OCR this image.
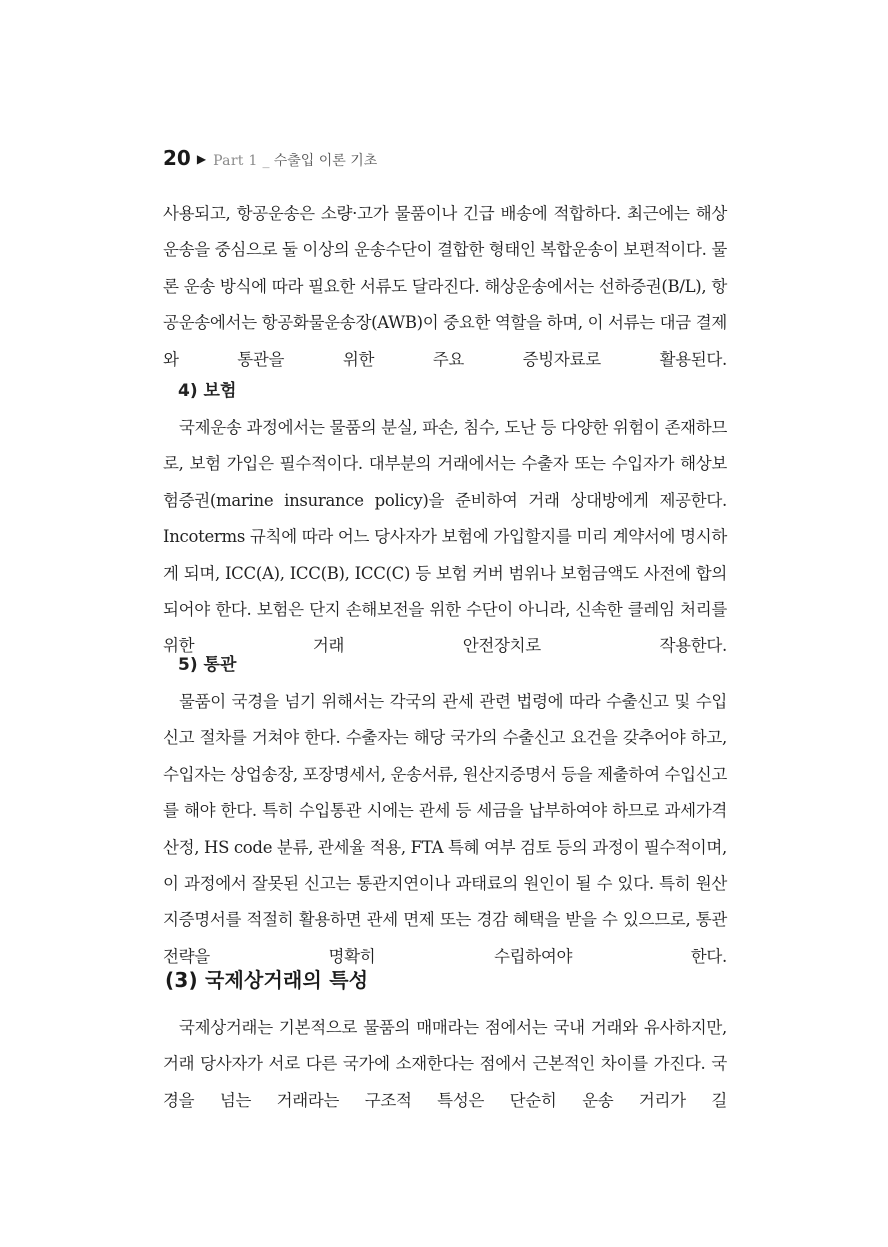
20 ▶ Part 1 _ 수출입 이론 기초

사용되고, 항공운송은 소량·고가 물품이나 긴급 배송에 적합하다. 최근에는 해상운송을 중심으로 둘 이상의 운송수단이 결합한 형태인 복합운송이 보편적이다. 물론 운송 방식에 따라 필요한 서류도 달라진다. 해상운송에서는 선하증권(B/L), 항공운송에서는 항공화물운송장(AWB)이 중요한 역할을 하며, 이 서류는 대금 결제와 통관을 위한 주요 증빙자료로 활용된다.

4) 보험

국제운송 과정에서는 물품의 분실, 파손, 침수, 도난 등 다양한 위험이 존재하므로, 보험 가입은 필수적이다. 대부분의 거래에서는 수출자 또는 수입자가 해상보험증권(marine insurance policy)을 준비하여 거래 상대방에게 제공한다. Incoterms 규칙에 따라 어느 당사자가 보험에 가입할지를 미리 계약서에 명시하게 되며, ICC(A), ICC(B), ICC(C) 등 보험 커버 범위나 보험금액도 사전에 합의되어야 한다. 보험은 단지 손해보전을 위한 수단이 아니라, 신속한 클레임 처리를 위한 거래 안전장치로 작용한다.

5) 통관

물품이 국경을 넘기 위해서는 각국의 관세 관련 법령에 따라 수출신고 및 수입신고 절차를 거쳐야 한다. 수출자는 해당 국가의 수출신고 요건을 갖추어야 하고, 수입자는 상업송장, 포장명세서, 운송서류, 원산지증명서 등을 제출하여 수입신고를 해야 한다. 특히 수입통관 시에는 관세 등 세금을 납부하여야 하므로 과세가격 산정, HS code 분류, 관세율 적용, FTA 특혜 여부 검토 등의 과정이 필수적이며, 이 과정에서 잘못된 신고는 통관지연이나 과태료의 원인이 될 수 있다. 특히 원산지증명서를 적절히 활용하면 관세 면제 또는 경감 혜택을 받을 수 있으므로, 통관 전략을 명확히 수립하여야 한다.

(3) 국제상거래의 특성

국제상거래는 기본적으로 물품의 매매라는 점에서는 국내 거래와 유사하지만, 거래 당사자가 서로 다른 국가에 소재한다는 점에서 근본적인 차이를 가진다. 국경을 넘는 거래라는 구조적 특성은 단순히 운송 거리가 길
